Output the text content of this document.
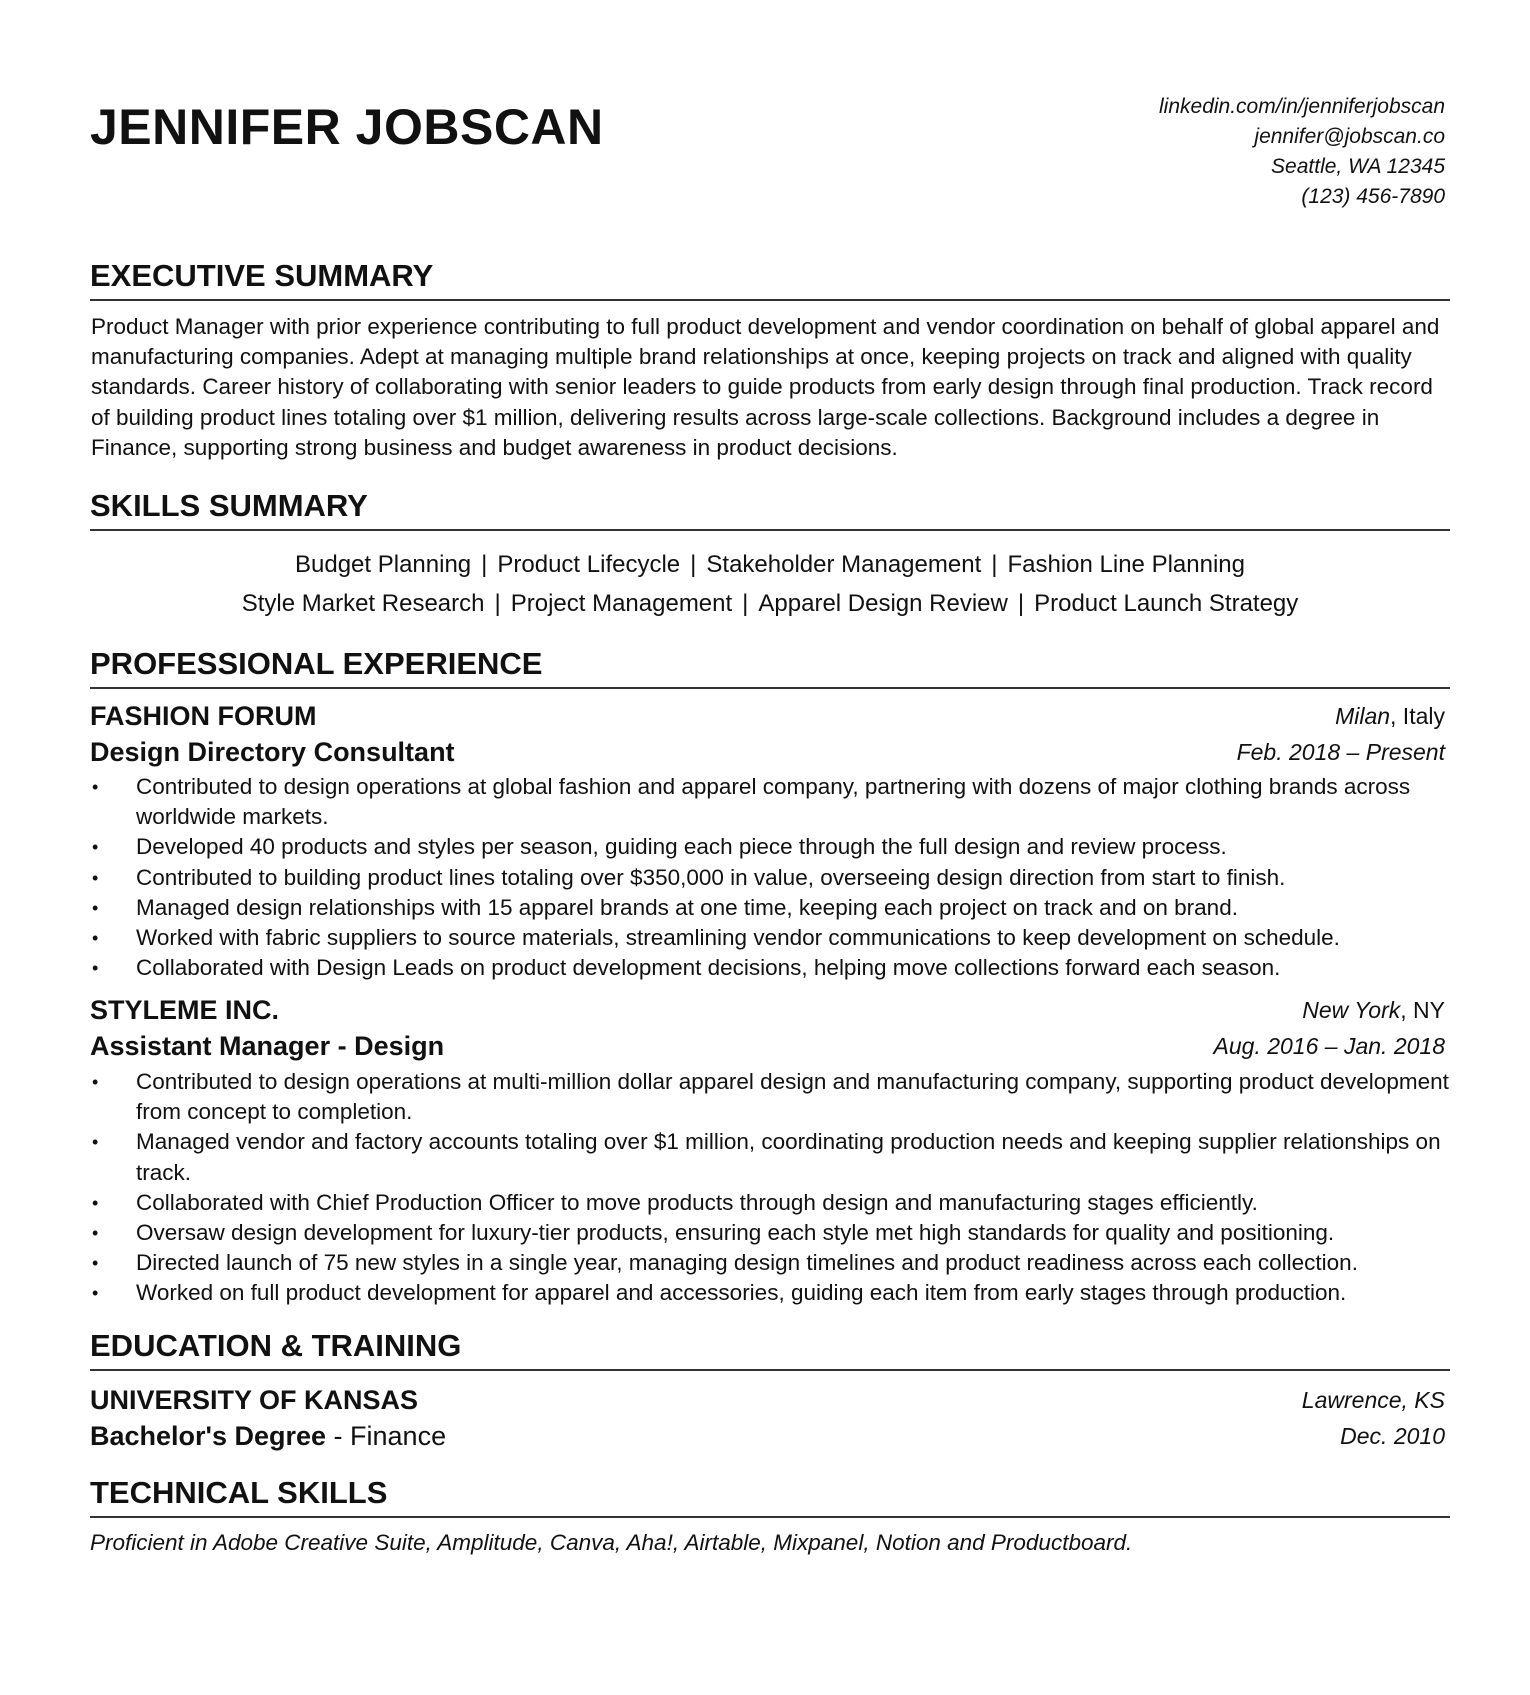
JENNIFER JOBSCAN	linkedin.com/in/jenniferjobscan
jennifer@jobscan.co
Seattle, WA 12345
(123) 456-7890
EXECUTIVE SUMMARY

Product Manager with prior experience contributing to full product development and vendor coordination on behalf of global apparel and manufacturing companies. Adept at managing multiple brand relationships at once, keeping projects on track and aligned with quality standards. Career history of collaborating with senior leaders to guide products from early design through final production. Track record of building product lines totaling over $1 million, delivering results across large-scale collections. Background includes a degree in Finance, supporting strong business and budget awareness in product decisions.

SKILLS SUMMARY
Budget Planning | Product Lifecycle | Stakeholder Management | Fashion Line Planning
Style Market Research | Project Management | Apparel Design Review | Product Launch Strategy
PROFESSIONAL EXPERIENCE
FASHION FORUM	Milan, Italy
Design Directory Consultant	Feb. 2018 – Present
• Contributed to design operations at global fashion and apparel company, partnering with dozens of major clothing brands across worldwide markets.
• Developed 40 products and styles per season, guiding each piece through the full design and review process.
• Contributed to building product lines totaling over $350,000 in value, overseeing design direction from start to finish.
• Managed design relationships with 15 apparel brands at one time, keeping each project on track and on brand.
• Worked with fabric suppliers to source materials, streamlining vendor communications to keep development on schedule.
• Collaborated with Design Leads on product development decisions, helping move collections forward each season.
STYLEME INC.	New York, NY
Assistant Manager - Design	Aug. 2016 – Jan. 2018
• Contributed to design operations at multi-million dollar apparel design and manufacturing company, supporting product development from concept to completion.
• Managed vendor and factory accounts totaling over $1 million, coordinating production needs and keeping supplier relationships on track.
• Collaborated with Chief Production Officer to move products through design and manufacturing stages efficiently.
• Oversaw design development for luxury-tier products, ensuring each style met high standards for quality and positioning.
• Directed launch of 75 new styles in a single year, managing design timelines and product readiness across each collection.
• Worked on full product development for apparel and accessories, guiding each item from early stages through production.
EDUCATION & TRAINING
UNIVERSITY OF KANSAS	Lawrence, KS
Bachelor's Degree - Finance	Dec. 2010
TECHNICAL SKILLS
Proficient in Adobe Creative Suite, Amplitude, Canva, Aha!, Airtable, Mixpanel, Notion and Productboard.
